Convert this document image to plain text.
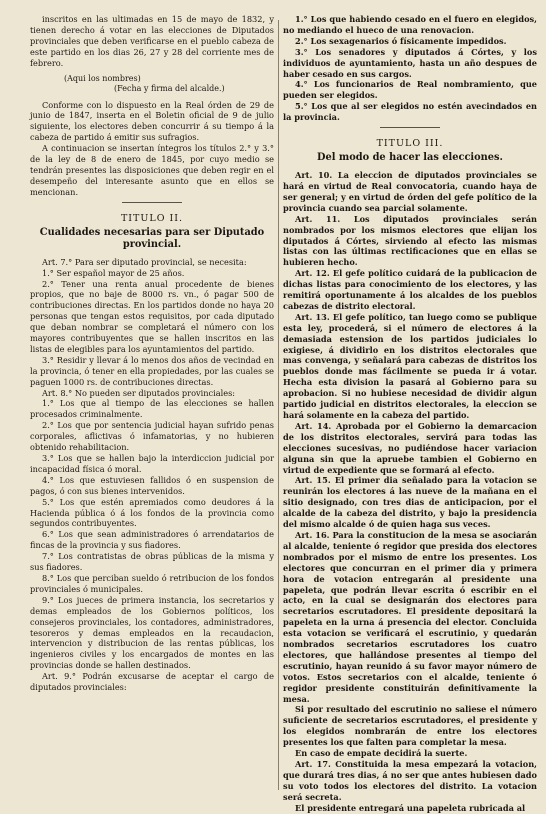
inscritos en las ultimadas en 15 de mayo de 1832, y tienen derecho á votar en las elecciones de Diputados provinciales que deben verificarse en el pueblo cabeza de este partido en los dias 26, 27 y 28 del corriente mes de febrero.

(Aqui los nombres)
(Fecha y firma del alcalde.)

Conforme con lo dispuesto en la Real órden de 29 de junio de 1847, inserta en el Boletin oficial de 9 de julio siguiente, los electores deben concurrir á su tiempo á la cabeza de partido á emitir sus sufragios.

A continuacion se insertan íntegros los títulos 2.° y 3.° de la ley de 8 de enero de 1845, por cuyo medio se tendrán presentes las disposiciones que deben regir en el desempeño del interesante asunto que en ellos se mencionan.

TITULO II.
Cualidades necesarias para ser Diputado provincial.

Art. 7.° Para ser diputado provincial, se necesita:

1.° Ser español mayor de 25 años.

2.° Tener una renta anual procedente de bienes propios, que no baje de 8000 rs. vn., ó pagar 500 de contribuciones directas. En los partidos donde no haya 20 personas que tengan estos requisitos, por cada diputado que deban nombrar se completará el número con los mayores contribuyentes que se hallen inscritos en las listas de elegibles para los ayuntamientos del partido.

3.° Residir y llevar á lo menos dos años de vecindad en la provincia, ó tener en ella propiedades, por las cuales se paguen 1000 rs. de contribuciones directas.

Art. 8.° No pueden ser diputados provinciales:

1.° Los que al tiempo de las elecciones se hallen procesados criminalmente.

2.° Los que por sentencia judicial hayan sufrido penas corporales, aflictivas ó infamatorias, y no hubieren obtenido rehabilitacion.

3.° Los que se hallen bajo la interdiccion judicial por incapacidad física ó moral.

4.° Los que estuviesen fallidos ó en suspension de pagos, ó con sus bienes intervenidos.

5.° Los que estén apremiados como deudores á la Hacienda pública ó á los fondos de la provincia como segundos contribuyentes.

6.° Los que sean administradores ó arrendatarios de fincas de la provincia y sus fiadores.

7.° Los contratistas de obras públicas de la misma y sus fiadores.

8.° Los que perciban sueldo ó retribucion de los fondos provinciales ó municipales.

9.° Los jueces de primera instancia, los secretarios y demas empleados de los Gobiernos políticos, los consejeros provinciales, los contadores, administradores, tesoreros y demas empleados en la recaudacion, intervencion y distribucion de las rentas públicas, los ingenieros civiles y los encargados de montes en las provincias donde se hallen destinados.

Art. 9.° Podrán excusarse de aceptar el cargo de diputados provinciales:

1.° Los que habiendo cesado en el fuero en elegidos, no mediando el hueco de una renovacion.

2.° Los sexagenarios ó físicamente impedidos.

3.° Los senadores y diputados á Córtes, y los individuos de ayuntamiento, hasta un año despues de haber cesado en sus cargos.

4.° Los funcionarios de Real nombramiento, que pueden ser elegidos.

5.° Los que al ser elegidos no estén avecindados en la provincia.

TITULO III.
Del modo de hacer las elecciones.

Art. 10. La eleccion de diputados provinciales se hará en virtud de Real convocatoria, cuando haya de ser general; y en virtud de órden del gefe político de la provincia cuando sea parcial solamente.

Art. 11. Los diputados provinciales serán nombrados por los mismos electores que elijan los diputados á Córtes, sirviendo al efecto las mismas listas con las últimas rectificaciones que en ellas se hubieren hecho.

Art. 12. El gefe político cuidará de la publicacion de dichas listas para conocimiento de los electores, y las remitirá oportunamente á los alcaldes de los pueblos cabezas de distrito electoral.

Art. 13. El gefe político, tan luego como se publique esta ley, procederá, si el número de electores á la demasiada estension de los partidos judiciales lo exigiese, á dividirlo en los distritos electorales que mas convenga, y señalará para cabezas de distritos los pueblos donde mas fácilmente se pueda ir á votar. Hecha esta division la pasará al Gobierno para su aprobacion. Si no hubiese necesidad de dividir algun partido judicial en distritos electorales, la eleccion se hará solamente en la cabeza del partido.

Art. 14. Aprobada por el Gobierno la demarcacion de los distritos electorales, servirá para todas las elecciones sucesivas, no pudiéndose hacer variacion alguna sin que la apruebe tambien el Gobierno en virtud de expediente que se formará al efecto.

Art. 15. El primer dia señalado para la votacion se reunirán los electores á las nueve de la mañana en el sitio designado, con tres dias de anticipacion, por el alcalde de la cabeza del distrito, y bajo la presidencia del mismo alcalde ó de quien haga sus veces.

Art. 16. Para la constitucion de la mesa se asociarán al alcalde, teniente ó regidor que presida dos electores nombrados por el mismo de entre los presentes. Los electores que concurran en el primer dia y primera hora de votacion entregarán al presidente una papeleta, que podrán llevar escrita ó escribir en el acto, en la cual se designarán dos electores para secretarios escrutadores. El presidente depositará la papeleta en la urna á presencia del elector. Concluida esta votacion se verificará el escrutinio, y quedarán nombrados secretarios escrutadores los cuatro electores, que hallándose presentes al tiempo del escrutinio, hayan reunido á su favor mayor número de votos. Estos secretarios con el alcalde, teniente ó regidor presidente constituirán definitivamente la mesa.

Si por resultado del escrutinio no saliese el número suficiente de secretarios escrutadores, el presidente y los elegidos nombrarán de entre los electores presentes los que falten para completar la mesa.

En caso de empate decidirá la suerte.

Art. 17. Constituida la mesa empezará la votacion, que durará tres dias, á no ser que antes hubiesen dado su voto todos los electores del distrito. La votacion será secreta.

El presidente entregará una papeleta rubricada al
